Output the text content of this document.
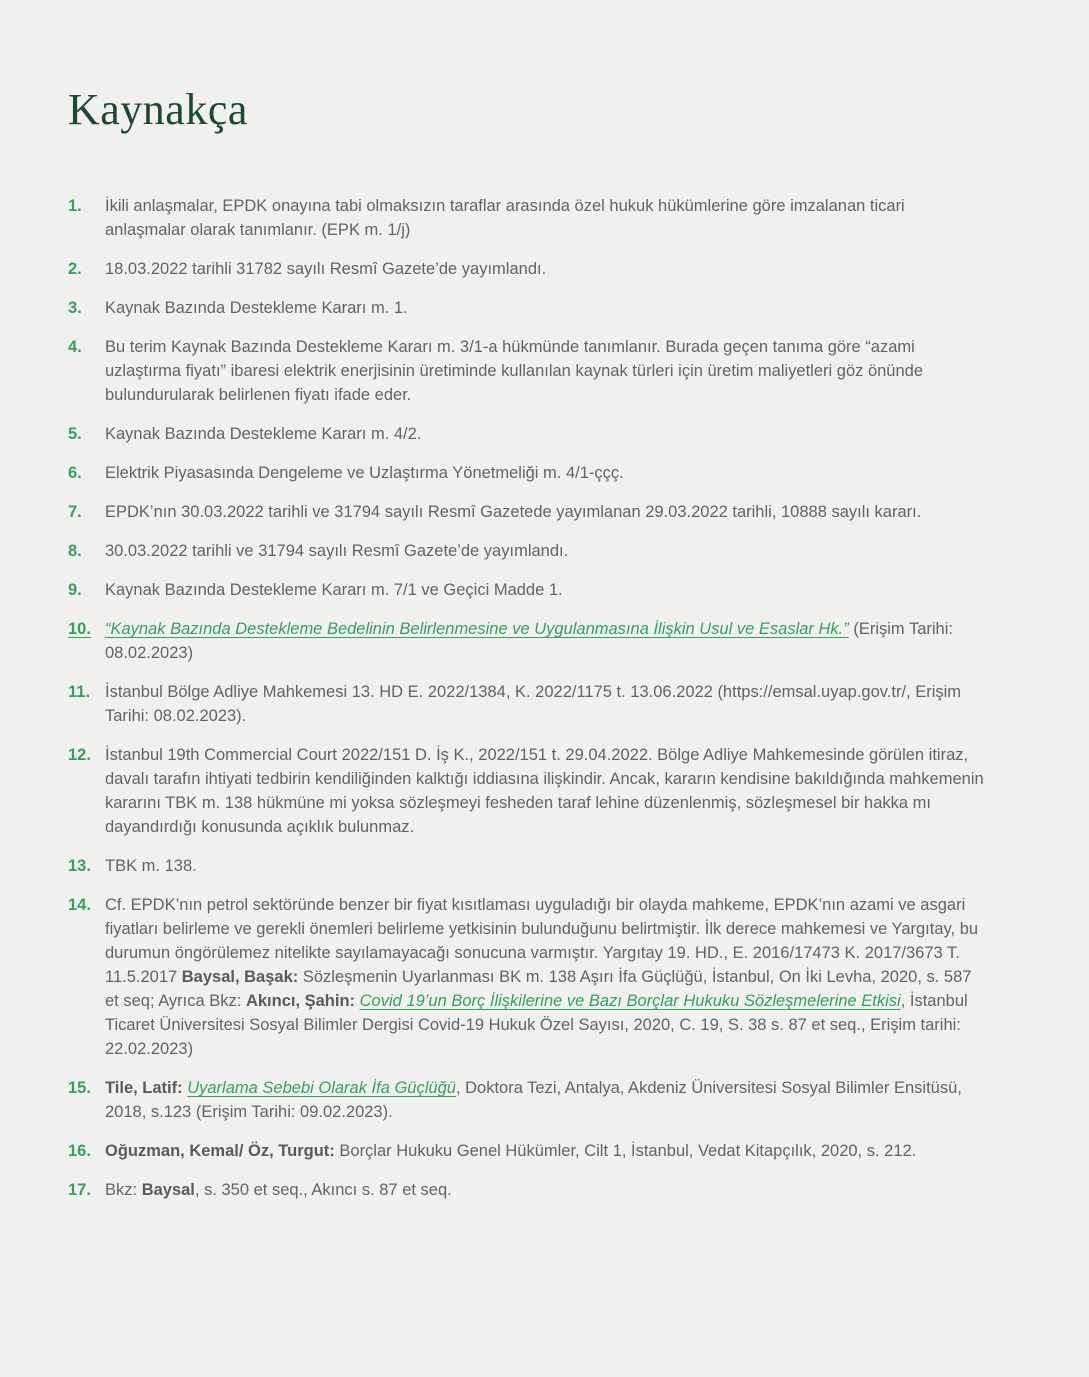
Kaynakça
1.	İkili anlaşmalar, EPDK onayına tabi olmaksızın taraflar arasında özel hukuk hükümlerine göre imzalanan ticari anlaşmalar olarak tanımlanır. (EPK m. 1/j)

2.	18.03.2022 tarihli 31782 sayılı Resmî Gazete’de yayımlandı.

3.	Kaynak Bazında Destekleme Kararı m. 1.

4.	Bu terim Kaynak Bazında Destekleme Kararı m. 3/1-a hükmünde tanımlanır. Burada geçen tanıma göre “azami uzlaştırma fiyatı” ibaresi elektrik enerjisinin üretiminde kullanılan kaynak türleri için üretim maliyetleri göz önünde bulundurularak belirlenen fiyatı ifade eder.

5.	Kaynak Bazında Destekleme Kararı m. 4/2.

6.	Elektrik Piyasasında Dengeleme ve Uzlaştırma Yönetmeliği m. 4/1-ççç.

7.	EPDK’nın 30.03.2022 tarihli ve 31794 sayılı Resmî Gazetede yayımlanan 29.03.2022 tarihli, 10888 sayılı kararı.

8.	30.03.2022 tarihli ve 31794 sayılı Resmî Gazete’de yayımlandı.

9.	Kaynak Bazında Destekleme Kararı m. 7/1 ve Geçici Madde 1.

10. “Kaynak Bazında Destekleme Bedelinin Belirlenmesine ve Uygulanmasına İlişkin Usul ve Esaslar Hk.” (Erişim Tarihi: 08.02.2023)

11. İstanbul Bölge Adliye Mahkemesi 13. HD E. 2022/1384, K. 2022/1175 t. 13.06.2022 (https://emsal.uyap.gov.tr/, Erişim Tarihi: 08.02.2023).

12. İstanbul 19th Commercial Court 2022/151 D. İş K., 2022/151 t. 29.04.2022. Bölge Adliye Mahkemesinde görülen itiraz, davalı tarafın ihtiyati tedbirin kendiliğinden kalktığı iddiasına ilişkindir. Ancak, kararın kendisine bakıldığında mahkemenin kararını TBK m. 138 hükmüne mi yoksa sözleşmeyi fesheden taraf lehine düzenlenmiş, sözleşmesel bir hakka mı dayandırdığı konusunda açıklık bulunmaz.

13. TBK m. 138.

14. Cf. EPDK’nın petrol sektöründe benzer bir fiyat kısıtlaması uyguladığı bir olayda mahkeme, EPDK’nın azami ve asgari fiyatları belirleme ve gerekli önemleri belirleme yetkisinin bulunduğunu belirtmiştir. İlk derece mahkemesi ve Yargıtay, bu durumun öngörülemez nitelikte sayılamayacağı sonucuna varmıştır. Yargıtay 19. HD., E. 2016/17473 K. 2017/3673 T. 11.5.2017 Baysal, Başak: Sözleşmenin Uyarlanması BK m. 138 Aşırı İfa Güçlüğü, İstanbul, On İki Levha, 2020, s. 587 et seq; Ayrıca Bkz: Akıncı, Şahin: Covid 19’un Borç İlişkilerine ve Bazı Borçlar Hukuku Sözleşmelerine Etkisi, İstanbul Ticaret Üniversitesi Sosyal Bilimler Dergisi Covid-19 Hukuk Özel Sayısı, 2020, C. 19, S. 38 s. 87 et seq., Erişim tarihi: 22.02.2023)

15. Tile, Latif: Uyarlama Sebebi Olarak İfa Güçlüğü, Doktora Tezi, Antalya, Akdeniz Üniversitesi Sosyal Bilimler Ensitüsü, 2018, s.123 (Erişim Tarihi: 09.02.2023).

16. Oğuzman, Kemal/ Öz, Turgut: Borçlar Hukuku Genel Hükümler, Cilt 1, İstanbul, Vedat Kitapçılık, 2020, s. 212.

17. Bkz: Baysal, s. 350 et seq., Akıncı s. 87 et seq.
